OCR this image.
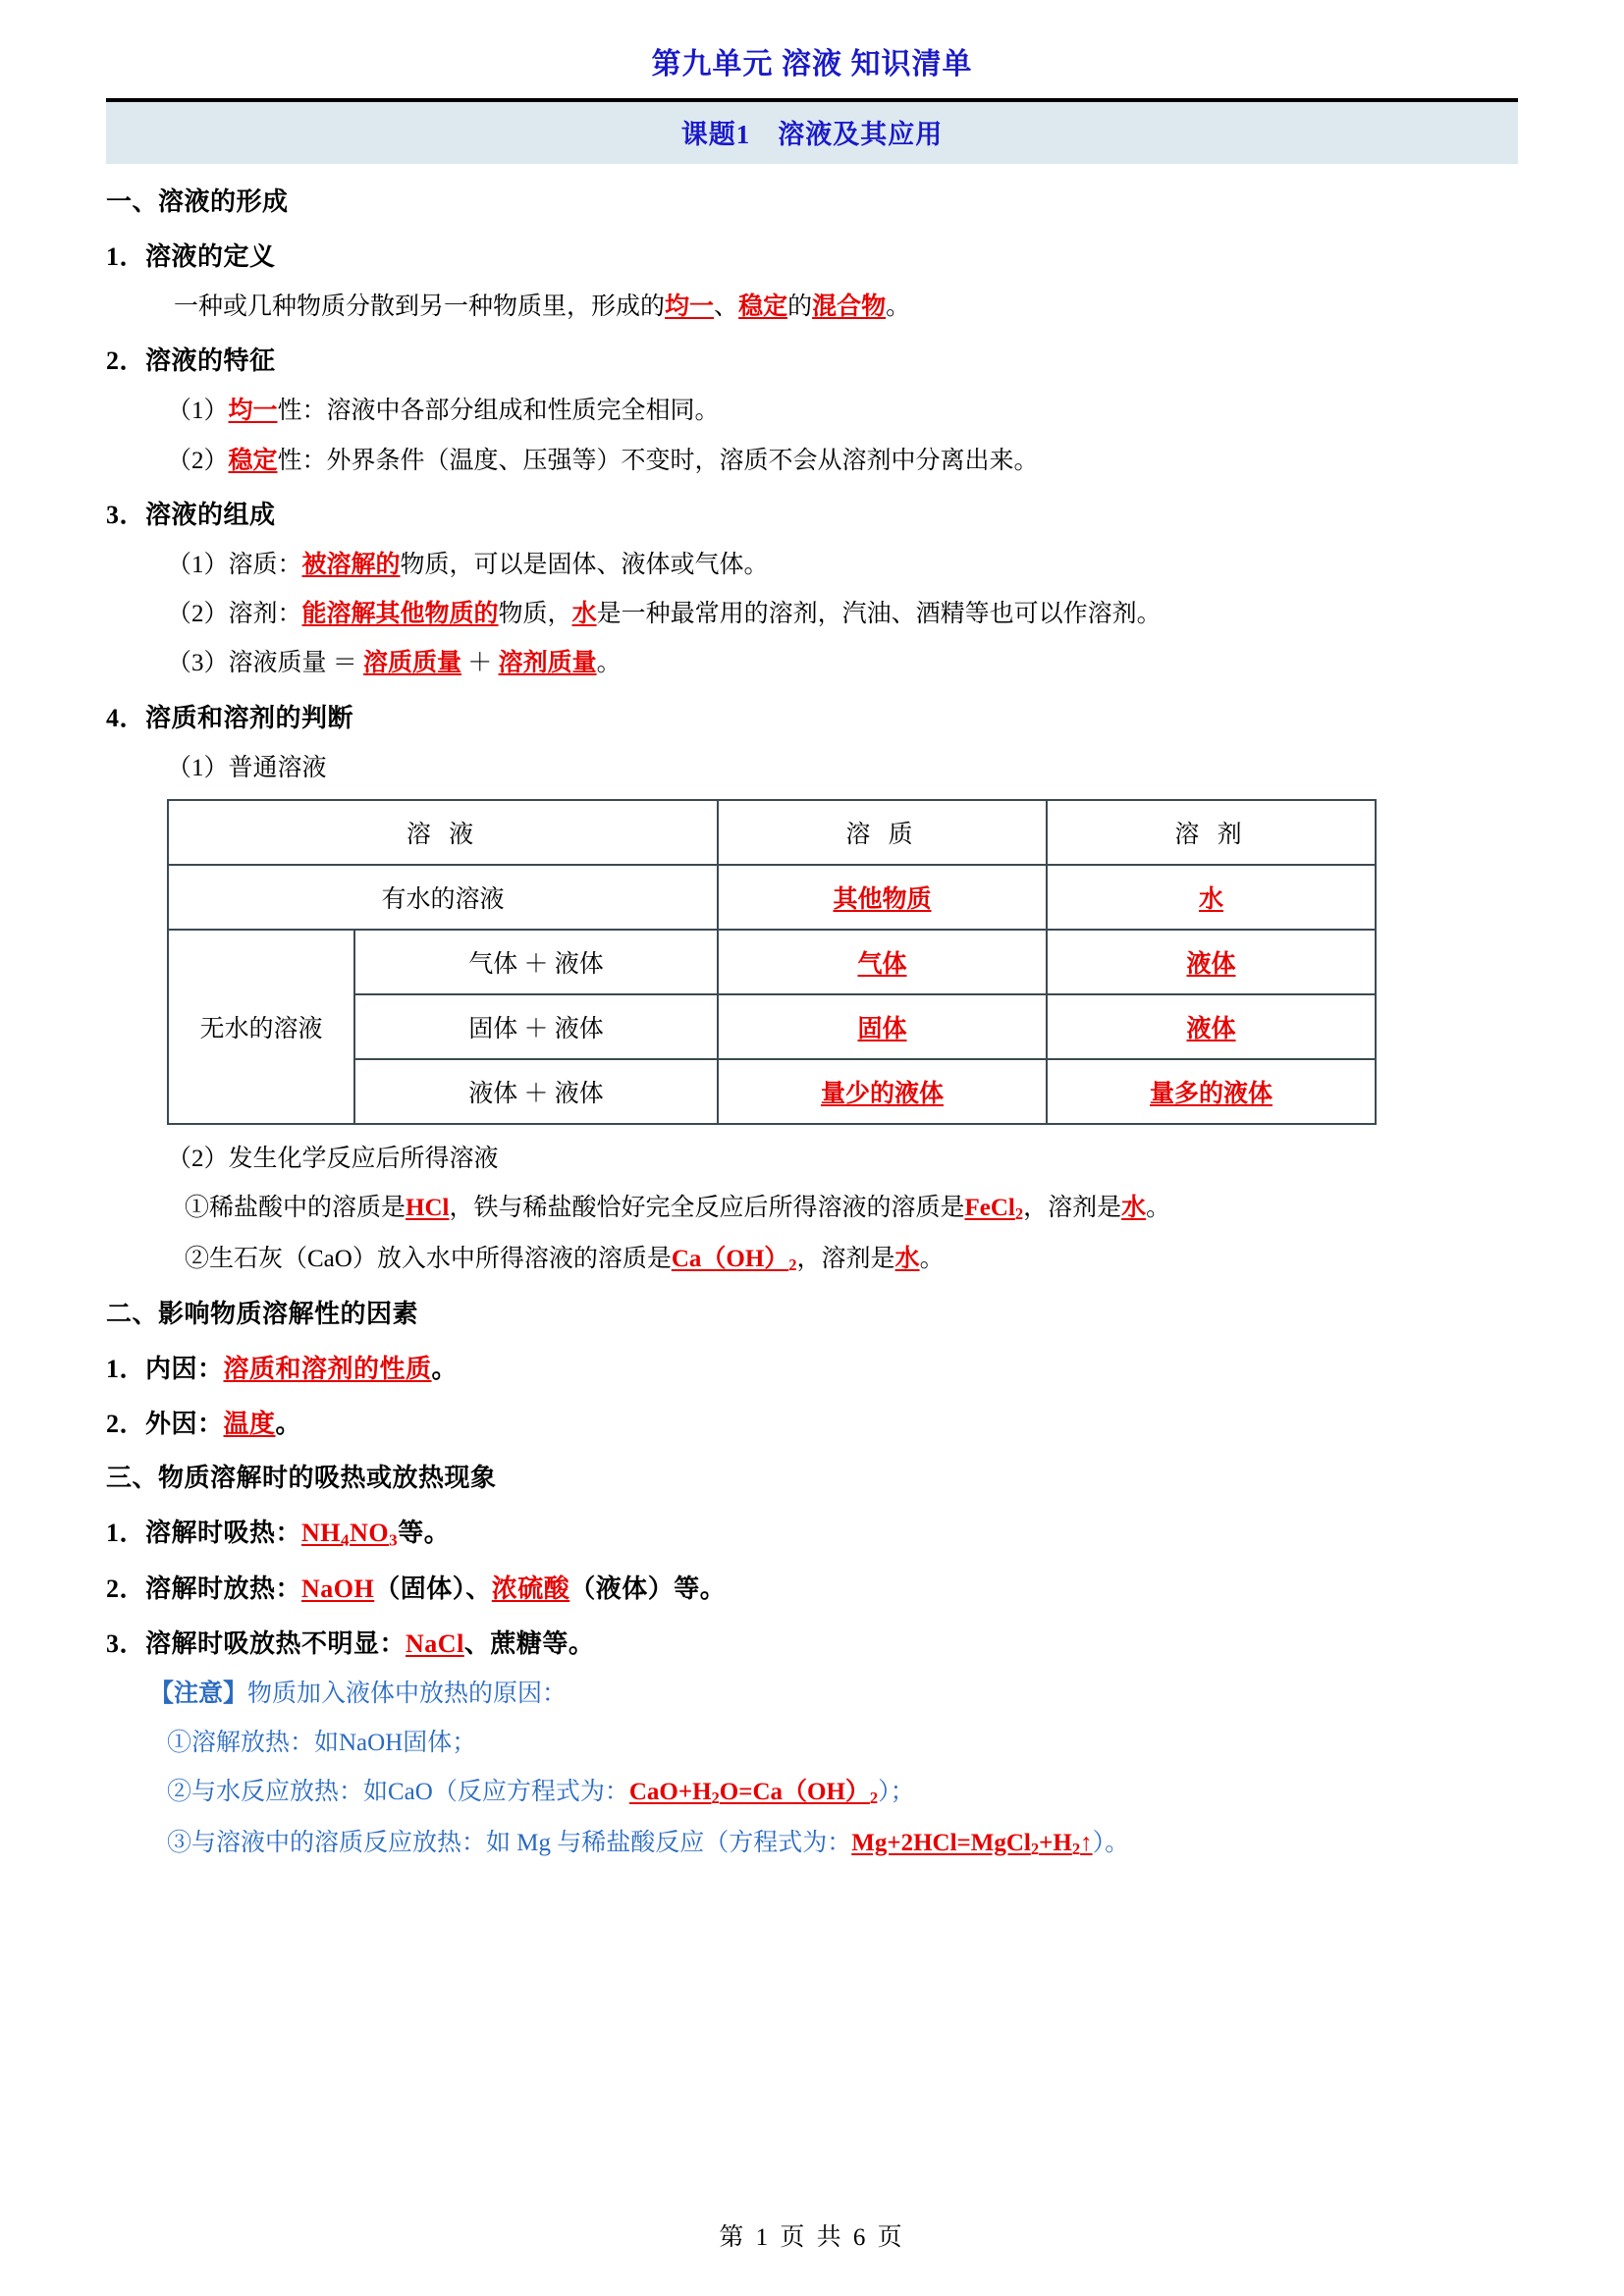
第九单元 溶液 知识清单
课题1　溶液及其应用
一、溶液的形成
1．溶液的定义
　一种或几种物质分散到另一种物质里，形成的均一、稳定的混合物。
2．溶液的特征
（1）均一性：溶液中各部分组成和性质完全相同。
（2）稳定性：外界条件（温度、压强等）不变时，溶质不会从溶剂中分离出来。
3．溶液的组成
（1）溶质：被溶解的物质，可以是固体、液体或气体。
（2）溶剂：能溶解其他物质的物质，水是一种最常用的溶剂，汽油、酒精等也可以作溶剂。
（3）溶液质量 ＝ 溶质质量 ＋ 溶剂质量。
4．溶质和溶剂的判断
（1）普通溶液
溶 液		溶 质	溶 剂
有水的溶液		其他物质	水
无水的溶液	气体 ＋ 液体	气体	液体
	固体 ＋ 液体	固体	液体
	液体 ＋ 液体	量少的液体	量多的液体
（2）发生化学反应后所得溶液
①稀盐酸中的溶质是HCl，铁与稀盐酸恰好完全反应后所得溶液的溶质是FeCl$_2$，溶剂是水。
②生石灰（CaO）放入水中所得溶液的溶质是$Ca(OH)_2$，溶剂是水。
二、影响物质溶解性的因素
1．内因：溶质和溶剂的性质。
2．外因：温度。
三、物质溶解时的吸热或放热现象
1．溶解时吸热：$NH_4NO_3$等。
2．溶解时放热：NaOH（固体）、浓硫酸（液体）等。
3．溶解时吸放热不明显：NaCl、蔗糖等。
【注意】物质加入液体中放热的原因：
①溶解放热：如NaOH固体；
②与水反应放热：如CaO（反应方程式为：$CaO+H_2O=Ca(OH)_2$）；
③与溶液中的溶质反应放热：如 Mg 与稀盐酸反应（方程式为：$Mg+2HCl=MgCl_2+H_2↑$）。
第 1 页 共 6 页
